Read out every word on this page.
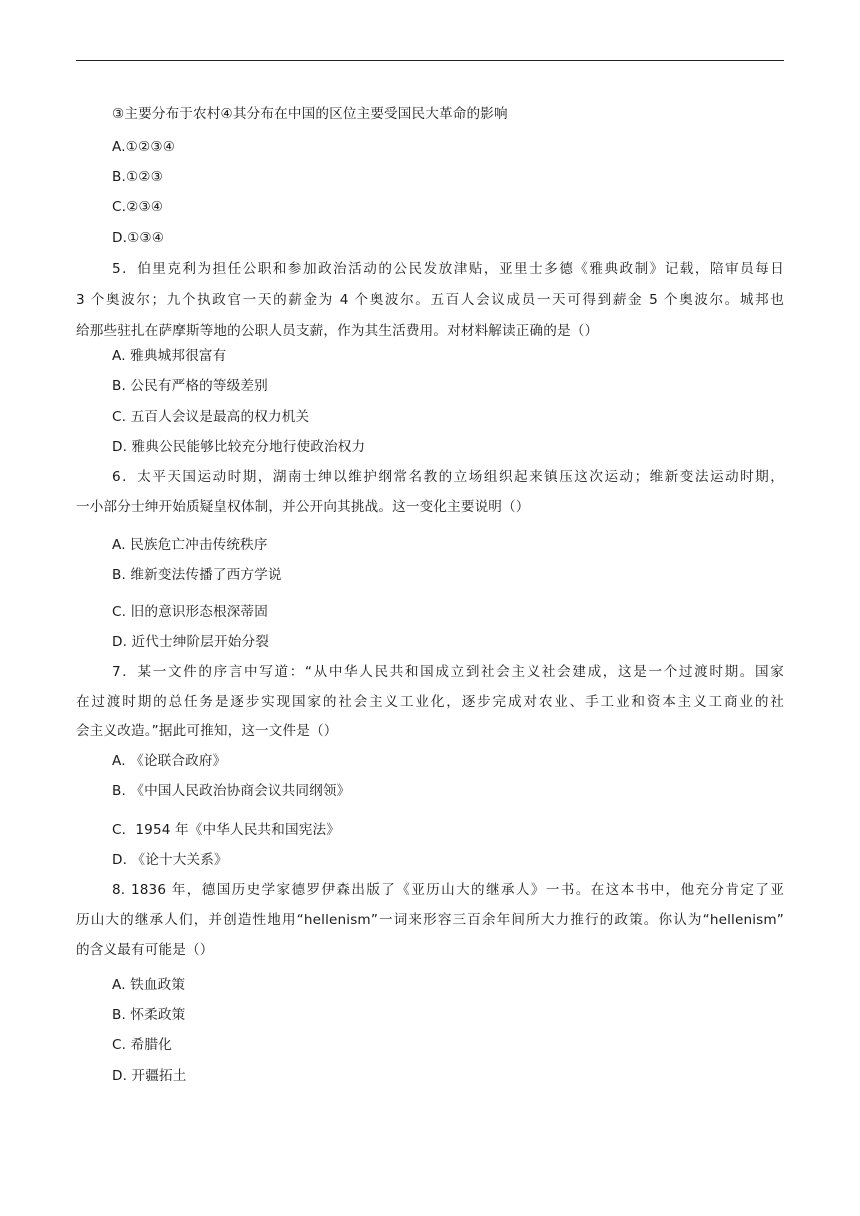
③主要分布于农村④其分布在中国的区位主要受国民大革命的影响
A.①②③④
B.①②③
C.②③④
D.①③④
5．伯里克利为担任公职和参加政治活动的公民发放津贴，亚里士多德《雅典政制》记载，陪审员每日
3 个奥波尔；九个执政官一天的薪金为 4 个奥波尔。五百人会议成员一天可得到薪金 5 个奥波尔。城邦也
给那些驻扎在萨摩斯等地的公职人员支薪，作为其生活费用。对材料解读正确的是（）
A. 雅典城邦很富有
B. 公民有严格的等级差别
C. 五百人会议是最高的权力机关
D. 雅典公民能够比较充分地行使政治权力
6．太平天国运动时期，湖南士绅以维护纲常名教的立场组织起来镇压这次运动；维新变法运动时期，
一小部分士绅开始质疑皇权体制，并公开向其挑战。这一变化主要说明（）
A. 民族危亡冲击传统秩序
B. 维新变法传播了西方学说
C. 旧的意识形态根深蒂固
D. 近代士绅阶层开始分裂
7．某一文件的序言中写道：“从中华人民共和国成立到社会主义社会建成，这是一个过渡时期。国家
在过渡时期的总任务是逐步实现国家的社会主义工业化，逐步完成对农业、手工业和资本主义工商业的社
会主义改造。”据此可推知，这一文件是（）
A. 《论联合政府》
B. 《中国人民政治协商会议共同纲领》
C．1954 年《中华人民共和国宪法》
D. 《论十大关系》
8. 1836 年，德国历史学家德罗伊森出版了《亚历山大的继承人》一书。在这本书中，他充分肯定了亚
历山大的继承人们，并创造性地用“hellenism”一词来形容三百余年间所大力推行的政策。你认为“hellenism”
的含义最有可能是（）
A. 铁血政策
B. 怀柔政策
C. 希腊化
D. 开疆拓土
